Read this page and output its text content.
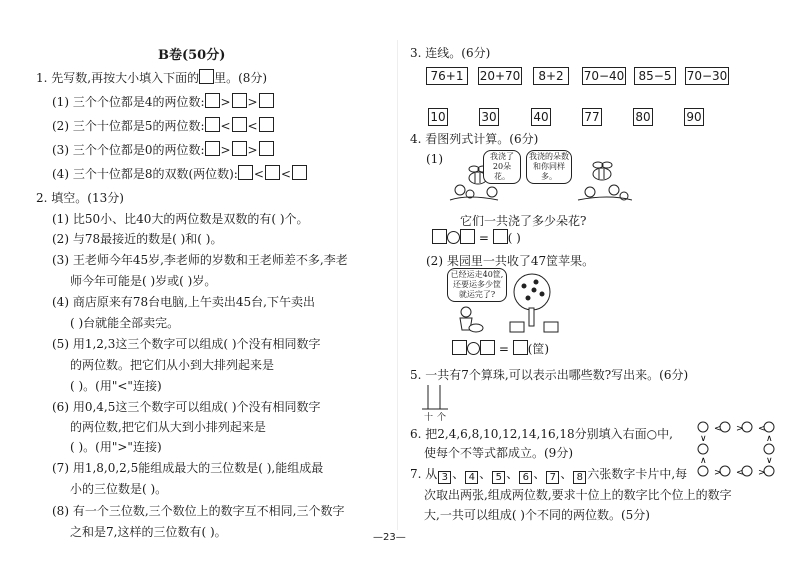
B卷(50分)
1. 先写数,再按大小填入下面的 里。(8分)
(1) 三个个位都是4的两位数: > >
(2) 三个十位都是5的两位数: < <
(3) 三个个位都是0的两位数: > >
(4) 三个十位都是8的双数(两位数): < <
2. 填空。(13分)
(1) 比50小、比40大的两位数是双数的有( )个。
(2) 与78最接近的数是( )和( )。
(3) 王老师今年45岁,李老师的岁数和王老师差不多,李老
师今年可能是( )岁或( )岁。
(4) 商店原来有78台电脑,上午卖出45台,下午卖出
( )台就能全部卖完。
(5) 用1,2,3这三个数字可以组成( )个没有相同数字
的两位数。把它们从小到大排列起来是
( )。(用"<"连接)
(6) 用0,4,5这三个数字可以组成( )个没有相同数字
的两位数,把它们从大到小排列起来是
( )。(用">"连接)
(7) 用1,8,0,2,5能组成最大的三位数是( ),能组成最
小的三位数是( )。
(8) 有一个三位数,三个数位上的数字互不相同,三个数字
之和是7,这样的三位数有( )。	—23—
3. 连线。(6分)
76+1	20+70	8+2	70−40	85−5	70−30
10	30	40	77	80	90
4. 看图列式计算。(6分)
(1)	我浇了20朵花。
我浇的朵数和你同样多。
它们一共浇了多少朵花?
= ( )
(2) 果园里一共收了47筐苹果。
已经运走40筐,还要运多少筐就运完了?
= (筐)
5. 一共有7个算珠,可以表示出哪些数?写出来。(6分)
十 个
6. 把2,4,6,8,10,12,14,16,18分别填入右面○中,
使每个不等式都成立。(9分)
< > <
> < >
∨	∧
∧	∨
7. 从 3 、 4 、 5 、 6 、 7 、 8 六张数字卡片中,每
次取出两张,组成两位数,要求十位上的数字比个位上的数字
大,一共可以组成( )个不同的两位数。(5分)
